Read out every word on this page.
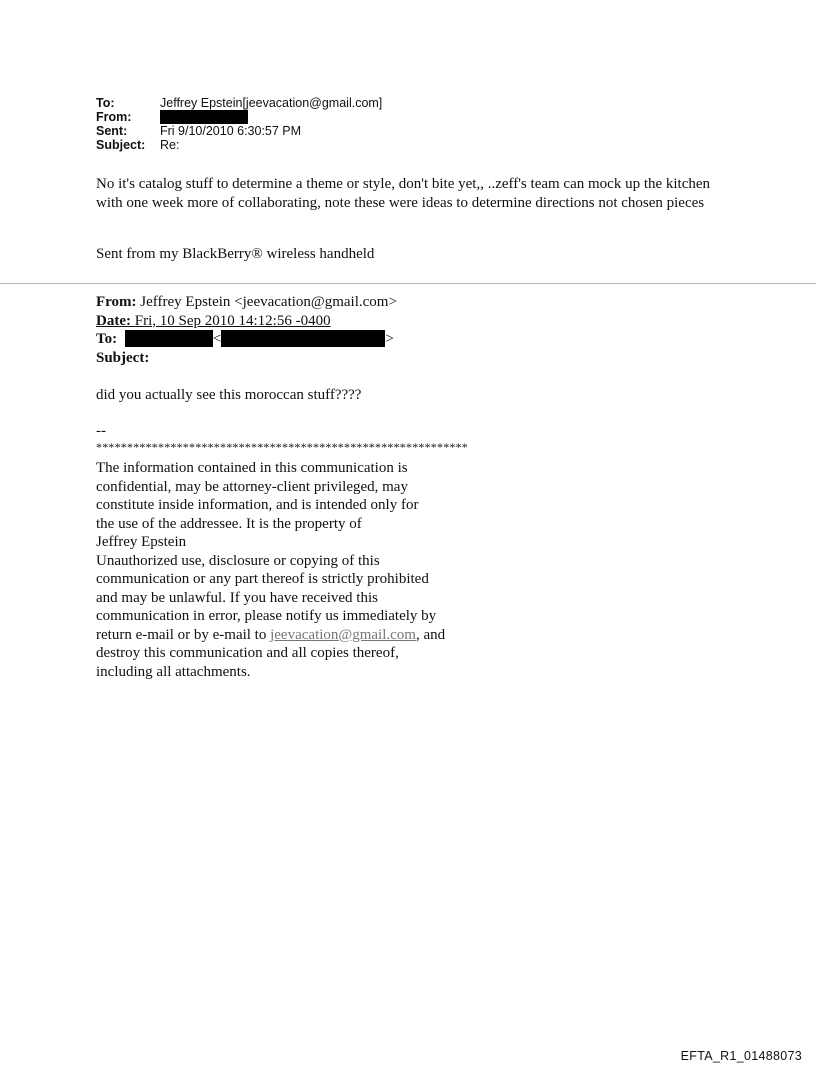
To:	Jeffrey Epstein[jeevacation@gmail.com]
From:
Sent:	Fri 9/10/2010 6:30:57 PM
Subject:	Re:
No it's catalog stuff to determine a theme or style, don't bite yet,, ..zeff's team can mock up the kitchen with one week more of collaborating, note these were ideas to determine directions not chosen pieces
Sent from my BlackBerry® wireless handheld
From: Jeffrey Epstein <jeevacation@gmail.com>
Date: Fri, 10 Sep 2010 14:12:56 -0400
To:	<	>
Subject:
did you actually see this moroccan stuff????
--
************************************************************
The information contained in this communication is
confidential, may be attorney-client privileged, may
constitute inside information, and is intended only for
the use of the addressee. It is the property of
Jeffrey Epstein
Unauthorized use, disclosure or copying of this
communication or any part thereof is strictly prohibited
and may be unlawful. If you have received this
communication in error, please notify us immediately by
return e-mail or by e-mail to jeevacation@gmail.com, and
destroy this communication and all copies thereof,
including all attachments.
EFTA_R1_01488073
